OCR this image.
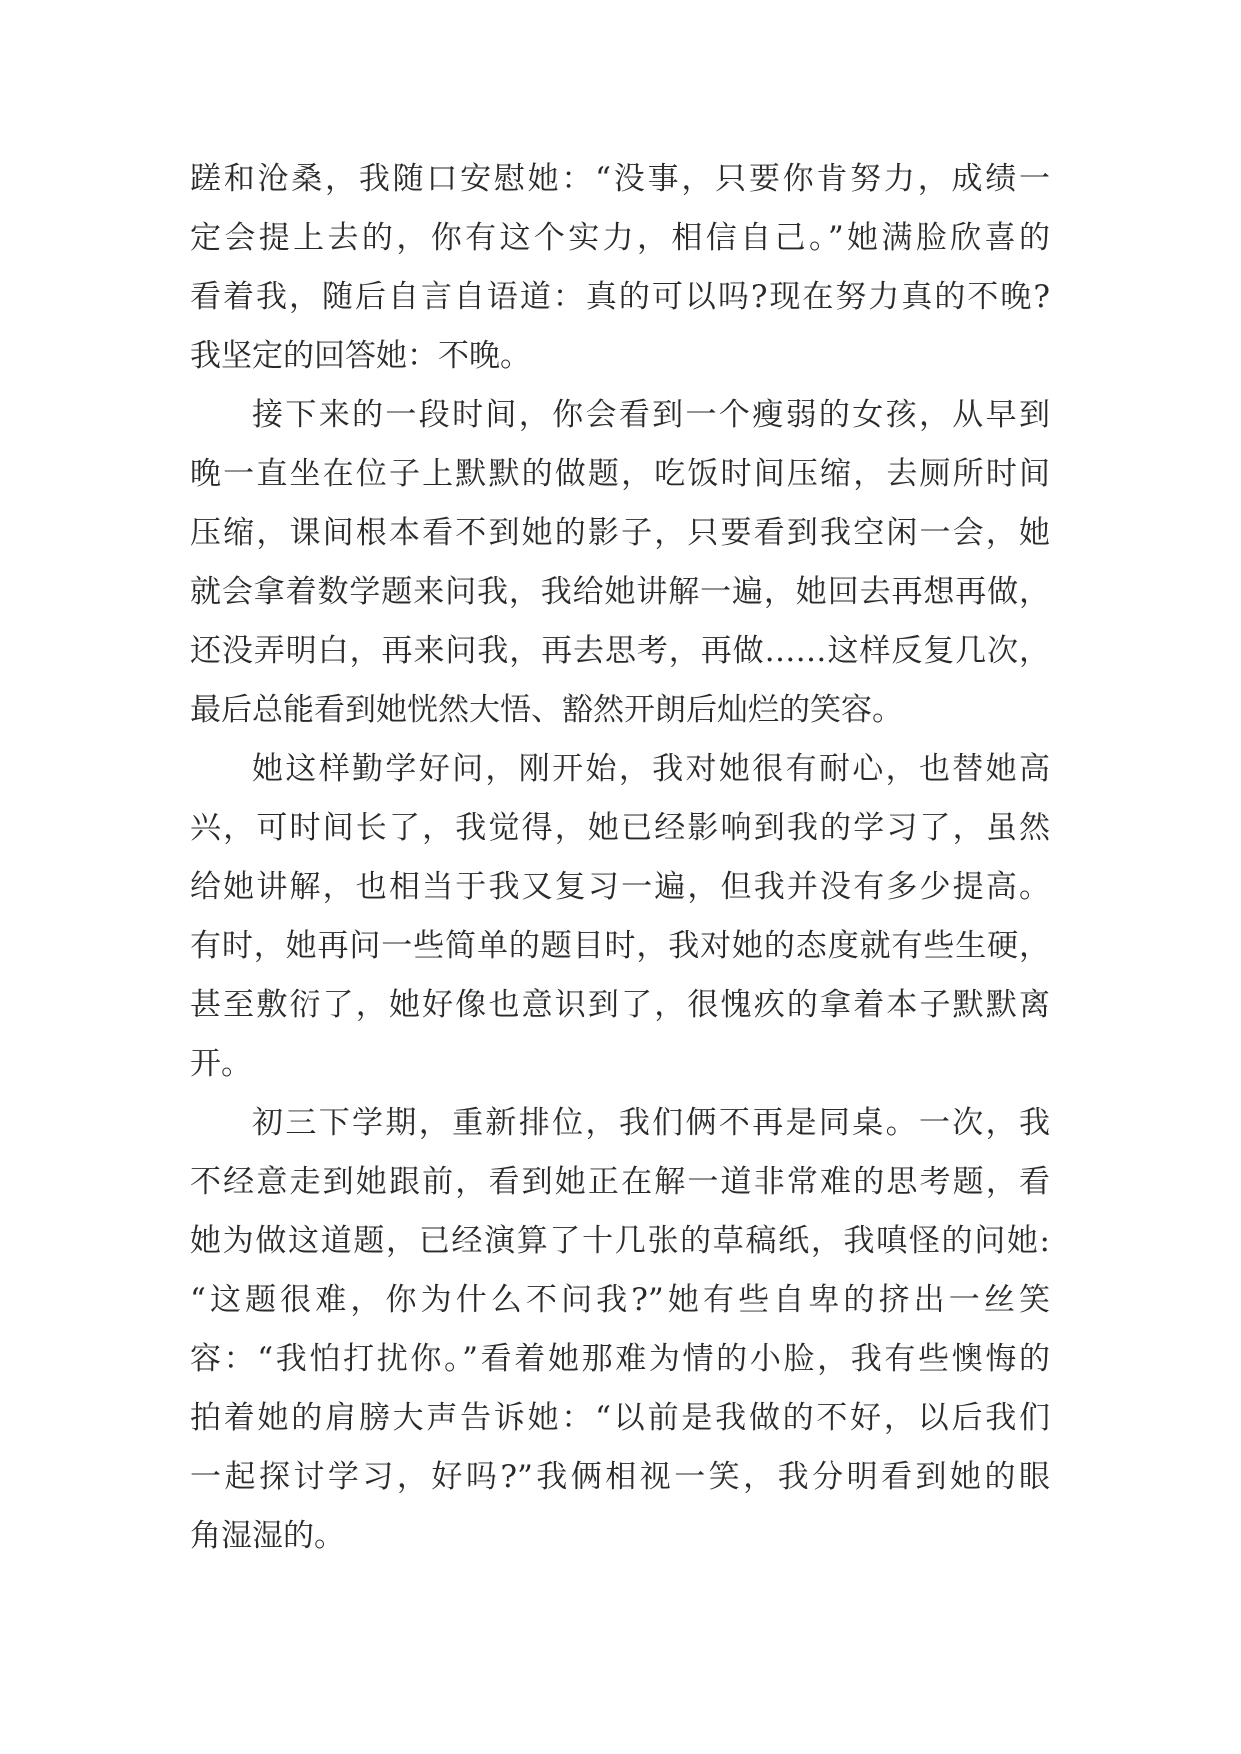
蹉和沧桑，我随口安慰她：“没事，只要你肯努力，成绩一
定会提上去的，你有这个实力，相信自己。”她满脸欣喜的
看着我，随后自言自语道：真的可以吗?现在努力真的不晚?
我坚定的回答她：不晚。
接下来的一段时间，你会看到一个瘦弱的女孩，从早到
晚一直坐在位子上默默的做题，吃饭时间压缩，去厕所时间
压缩，课间根本看不到她的影子，只要看到我空闲一会，她
就会拿着数学题来问我，我给她讲解一遍，她回去再想再做，
还没弄明白，再来问我，再去思考，再做……这样反复几次，
最后总能看到她恍然大悟、豁然开朗后灿烂的笑容。
她这样勤学好问，刚开始，我对她很有耐心，也替她高
兴，可时间长了，我觉得，她已经影响到我的学习了，虽然
给她讲解，也相当于我又复习一遍，但我并没有多少提高。
有时，她再问一些简单的题目时，我对她的态度就有些生硬，
甚至敷衍了，她好像也意识到了，很愧疚的拿着本子默默离
开。
初三下学期，重新排位，我们俩不再是同桌。一次，我
不经意走到她跟前，看到她正在解一道非常难的思考题，看
她为做这道题，已经演算了十几张的草稿纸，我嗔怪的问她:
“这题很难，你为什么不问我?”她有些自卑的挤出一丝笑
容：“我怕打扰你。”看着她那难为情的小脸，我有些懊悔的
拍着她的肩膀大声告诉她：“以前是我做的不好，以后我们
一起探讨学习，好吗?”我俩相视一笑，我分明看到她的眼
角湿湿的。
